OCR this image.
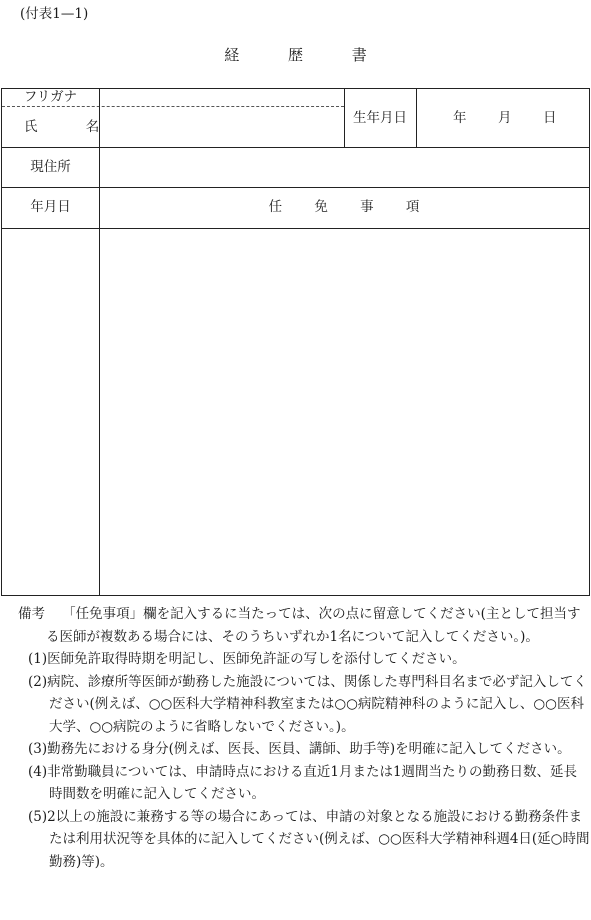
(付表1—1)
経 歴 書
フリガナ
氏 名
生年月日	年 月 日
現住所
年月日	任 免 事 項
備考 「任免事項」欄を記入するに当たっては、次の点に留意してください(主として担当する医師が複数ある場合には、そのうちいずれか1名について記入してください。)。
(1)医師免許取得時期を明記し、医師免許証の写しを添付してください。
(2)病院、診療所等医師が勤務した施設については、関係した専門科目名まで必ず記入してください(例えば、○○医科大学精神科教室または○○病院精神科のように記入し、○○医科大学、○○病院のように省略しないでください。)。
(3)勤務先における身分(例えば、医長、医員、講師、助手等)を明確に記入してください。
(4)非常勤職員については、申請時点における直近1月または1週間当たりの勤務日数、延長時間数を明確に記入してください。
(5)2以上の施設に兼務する等の場合にあっては、申請の対象となる施設における勤務条件または利用状況等を具体的に記入してください(例えば、○○医科大学精神科週4日(延○時間勤務)等)。
